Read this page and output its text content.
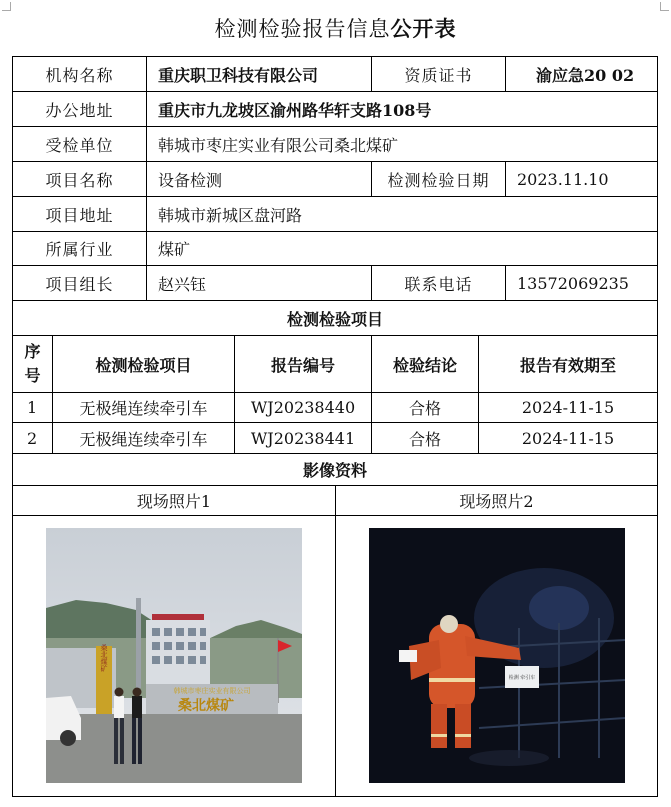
检测检验报告信息公开表
机构名称	重庆职卫科技有限公司	资质证书	渝应急20 02
办公地址	重庆市九龙坡区渝州路华轩支路108号
受检单位	韩城市枣庄实业有限公司桑北煤矿
项目名称	设备检测	检测检验日期	2023.11.10
项目地址	韩城市新城区盘河路
所属行业	煤矿
项目组长	赵兴钰	联系电话	13572069235
检测检验项目
序
号
检测检验项目	报告编号	检验结论	报告有效期至
1	无极绳连续牵引车	WJ20238440	合格	2024-11-15
2	无极绳连续牵引车	WJ20238441	合格	2024-11-15
影像资料
现场照片1	现场照片2
桑北煤矿
韩城市枣庄实业有限公司
桑北煤矿
检测 牵引车
